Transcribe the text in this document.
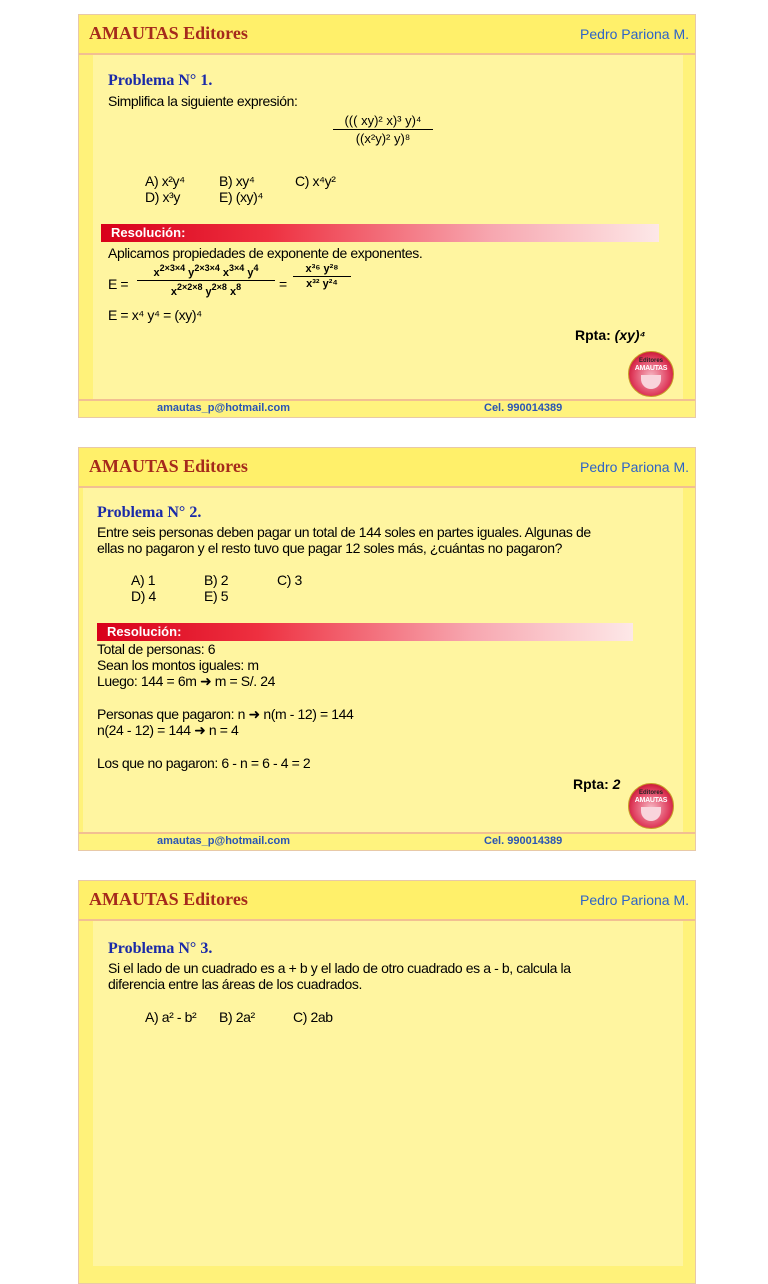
AMAUTAS Editores	Pedro Pariona M.
Problema N° 1.
Simplifica la siguiente expresión:
$\frac{\text{((( xy)² x)³ y)⁴}}{\text{((x²y)² y)⁸}}$
A) x²y⁴ B) xy⁴	C) x⁴y²
D) x³y	E) (xy)⁴
Resolución:
Aplicamos propiedades de exponente de exponentes.
$E = \frac{x^{2\times 3\times 4} y^{2\times 3\times 4} x^{3\times 4} y^4}{x^{2\times 2\times 8} y^{2\times 8} x^8} = \frac{\text{x³⁶ y²⁸}}{\text{x³² y²⁴}}$
E = x⁴ y⁴ = (xy)⁴
Rpta: (xy)⁴
Editores
AMAUTAS
amautas_p@hotmail.com	Cel. 990014389
AMAUTAS Editores	Pedro Pariona M.
Problema N° 2.
Entre seis personas deben pagar un total de 144 soles en partes iguales. Algunas de
ellas no pagaron y el resto tuvo que pagar 12 soles más, ¿cuántas no pagaron?
A) 1	B) 2	C) 3
D) 4	E) 5
Resolución:
Total de personas: 6
Sean los montos iguales: m
Luego: 144 = 6m ➜ m = S/. 24
Personas que pagaron: n ➜ n(m - 12) = 144
n(24 - 12) = 144 ➜ n = 4
Los que no pagaron: 6 - n = 6 - 4 = 2
Rpta: 2
Editores
AMAUTAS
amautas_p@hotmail.com	Cel. 990014389
AMAUTAS Editores	Pedro Pariona M.
Problema N° 3.
Si el lado de un cuadrado es a + b y el lado de otro cuadrado es a - b, calcula la
diferencia entre las áreas de los cuadrados.
A) a² - b² B) 2a²	C) 2ab
